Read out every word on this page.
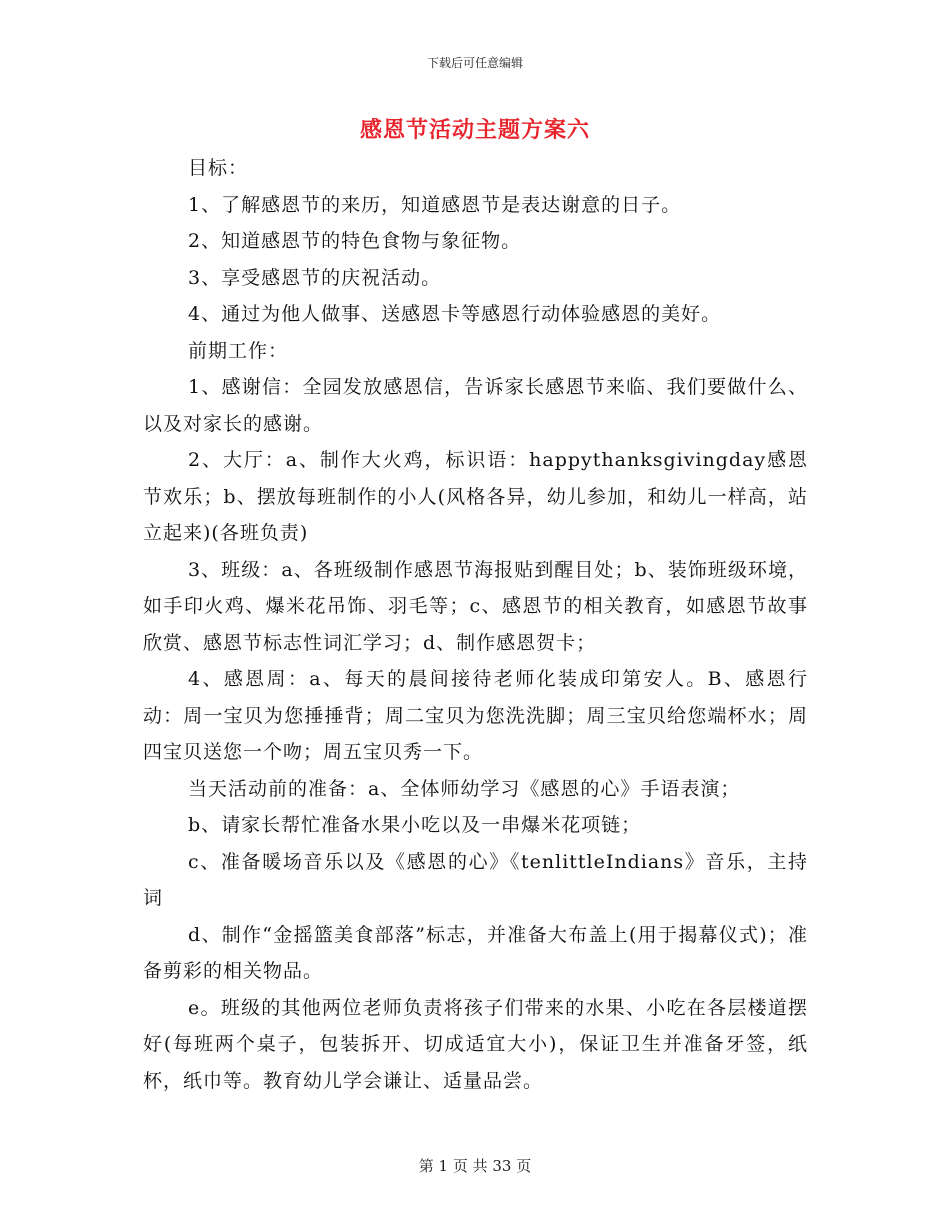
下载后可任意编辑
感恩节活动主题方案六

目标：

1、了解感恩节的来历，知道感恩节是表达谢意的日子。

2、知道感恩节的特色食物与象征物。

3、享受感恩节的庆祝活动。

4、通过为他人做事、送感恩卡等感恩行动体验感恩的美好。

前期工作：

1、感谢信：全园发放感恩信，告诉家长感恩节来临、我们要做什么、以及对家长的感谢。

2、大厅：a、制作大火鸡，标识语：happythanksgivingday感恩节欢乐；b、摆放每班制作的小人(风格各异，幼儿参加，和幼儿一样高，站立起来)(各班负责)

3、班级：a、各班级制作感恩节海报贴到醒目处；b、装饰班级环境，如手印火鸡、爆米花吊饰、羽毛等；c、感恩节的相关教育，如感恩节故事欣赏、感恩节标志性词汇学习；d、制作感恩贺卡；

4、感恩周：a、每天的晨间接待老师化装成印第安人。B、感恩行动：周一宝贝为您捶捶背；周二宝贝为您洗洗脚；周三宝贝给您端杯水；周四宝贝送您一个吻；周五宝贝秀一下。

当天活动前的准备：a、全体师幼学习《感恩的心》手语表演；

b、请家长帮忙准备水果小吃以及一串爆米花项链；

c、准备暖场音乐以及《感恩的心》《tenlittleIndians》音乐，主持词

d、制作“金摇篮美食部落”标志，并准备大布盖上(用于揭幕仪式)；准备剪彩的相关物品。

e。班级的其他两位老师负责将孩子们带来的水果、小吃在各层楼道摆好(每班两个桌子，包装拆开、切成适宜大小)，保证卫生并准备牙签，纸杯，纸巾等。教育幼儿学会谦让、适量品尝。

第 1 页 共 33 页
